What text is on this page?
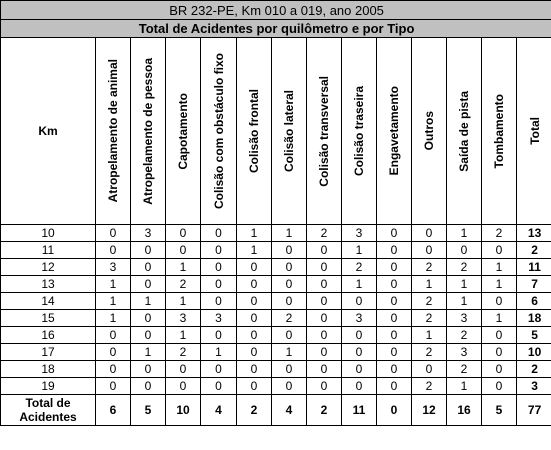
BR 232-PE, Km 010 a 019, ano 2005													
Total de Acidentes por quilômetro e por Tipo													
Km	Atropelamento de animal	Atropelamento de pessoa	Capotamento	Colisão com obstáculo fixo	Colisão frontal	Colisão lateral	Colisão transversal	Colisão traseira	Engavetamento	Outros	Saída de pista	Tombamento	Total

10	0	3	0	0	1	1	2	3	0	0	1	2	13
11	0	0	0	0	1	0	0	1	0	0	0	0	2
12	3	0	1	0	0	0	0	2	0	2	2	1	11
13	1	0	2	0	0	0	0	1	0	1	1	1	7
14	1	1	1	0	0	0	0	0	0	2	1	0	6
15	1	0	3	3	0	2	0	3	0	2	3	1	18
16	0	0	1	0	0	0	0	0	0	1	2	0	5
17	0	1	2	1	0	1	0	0	0	2	3	0	10
18	0	0	0	0	0	0	0	0	0	0	2	0	2
19	0	0	0	0	0	0	0	0	0	2	1	0	3
Total de
Acidentes	6	5	10	4	2	4	2	11	0	12	16	5	77
